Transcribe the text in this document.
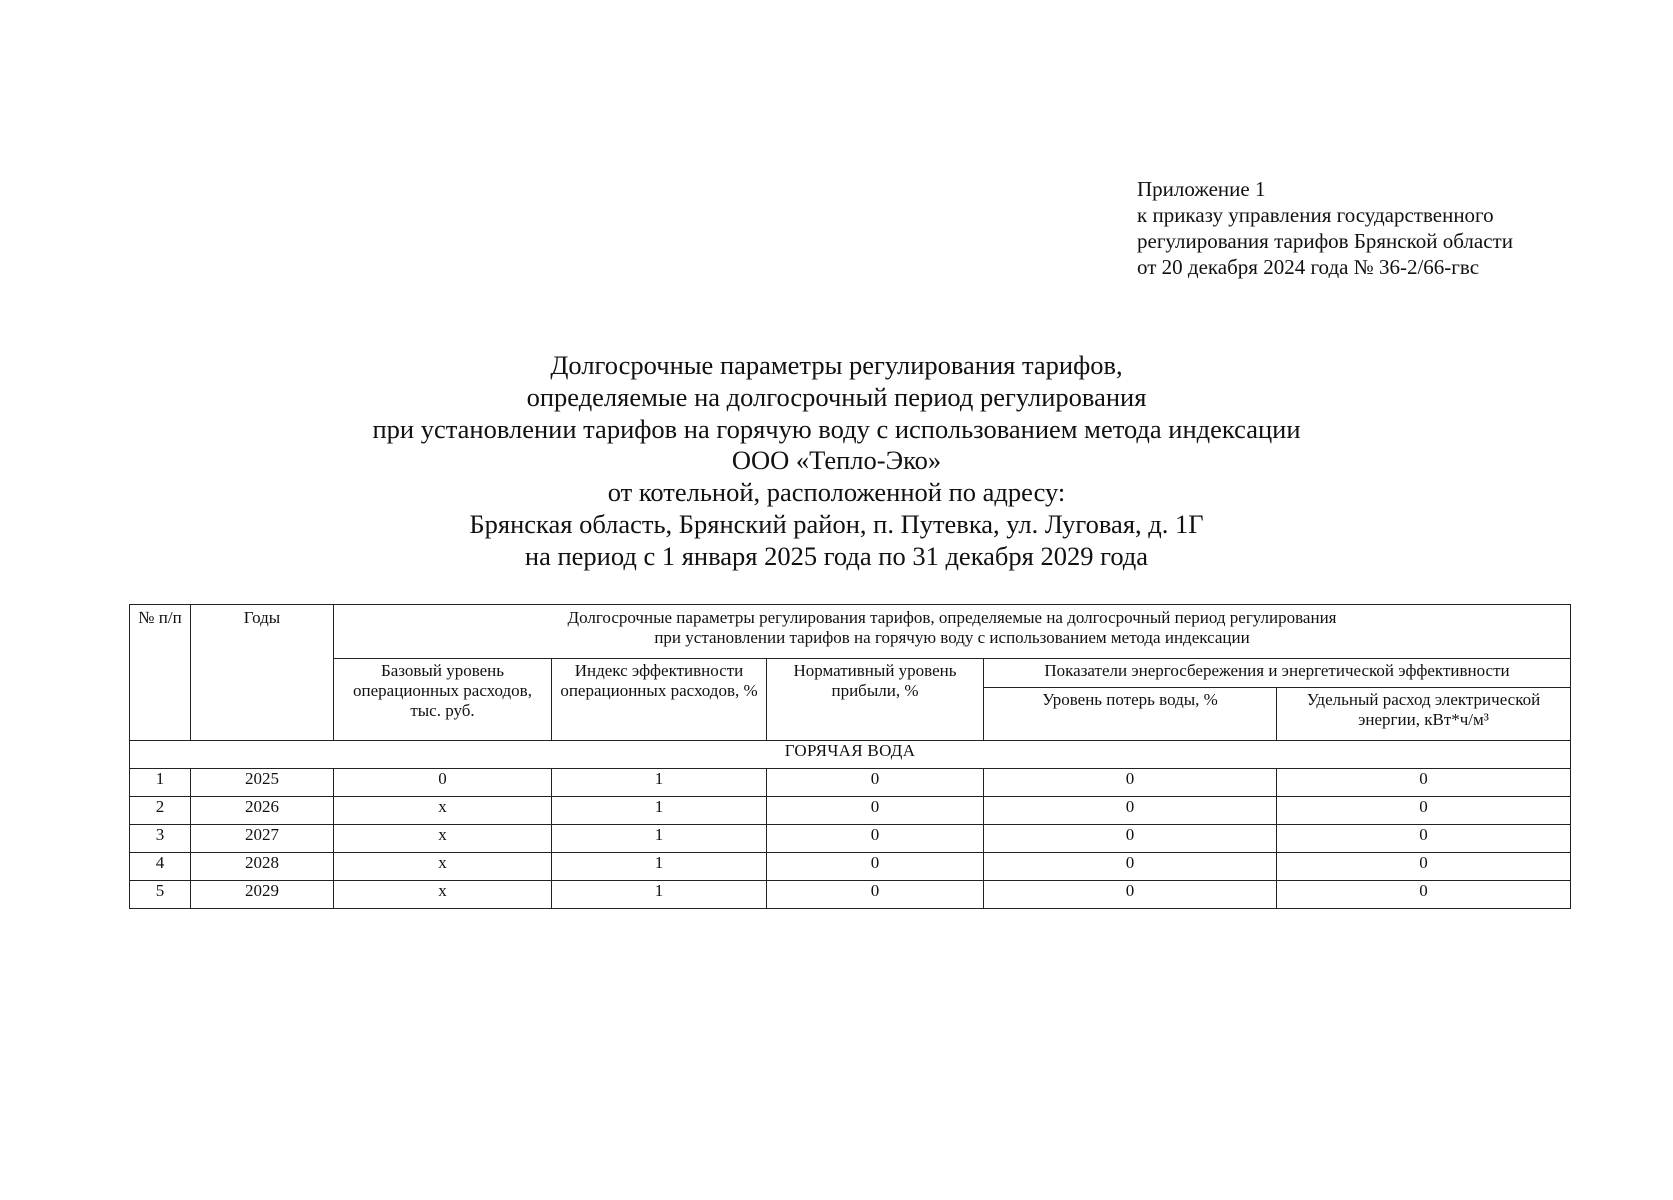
Приложение 1
к приказу управления государственного
регулирования тарифов Брянской области
от 20 декабря 2024 года № 36-2/66-гвс
Долгосрочные параметры регулирования тарифов,
определяемые на долгосрочный период регулирования
при установлении тарифов на горячую воду с использованием метода индексации
ООО «Тепло-Эко»
от котельной, расположенной по адресу:
Брянская область, Брянский район, п. Путевка, ул. Луговая, д. 1Г
на период с 1 января 2025 года по 31 декабря 2029 года
№ п/п	Годы	Долгосрочные параметры регулирования тарифов, определяемые на долгосрочный период регулирования
при установлении тарифов на горячую воду с использованием метода индексации				

		Базовый уровень операционных расходов, тыс. руб.	Индекс эффективности операционных расходов, %	Нормативный уровень прибыли, %	Показатели энергосбережения и энергетической эффективности	
					Уровень потерь воды, %	Удельный расход электрической энергии, кВт*ч/м³
ГОРЯЧАЯ ВОДА						
1	2025	0	1	0	0	0
2	2026	х	1	0	0	0
3	2027	х	1	0	0	0
4	2028	х	1	0	0	0
5	2029	х	1	0	0	0
